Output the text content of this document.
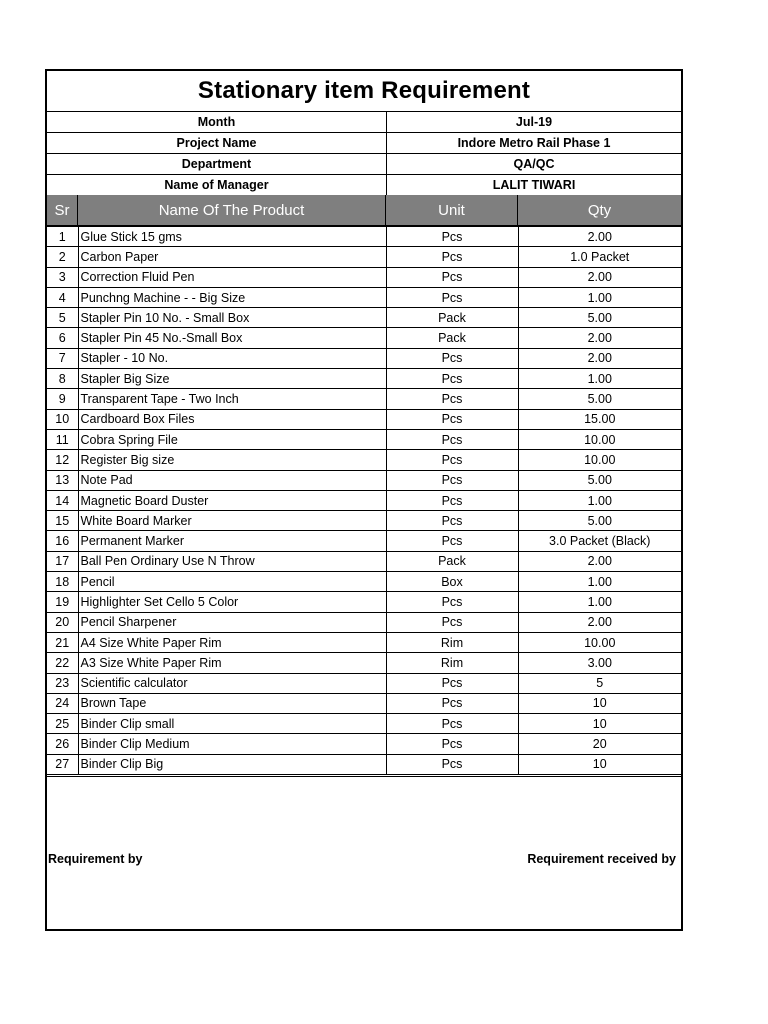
Stationary item Requirement
Month	Jul-19
Project Name	Indore Metro Rail Phase 1
Department	QA/QC
Name of Manager	LALIT TIWARI
Sr	Name Of The Product	Unit	Qty
1	Glue Stick 15 gms	Pcs	2.00
2	Carbon Paper	Pcs	1.0 Packet
3	Correction Fluid Pen	Pcs	2.00
4	Punchng Machine - - Big Size	Pcs	1.00
5	Stapler Pin 10 No. - Small Box	Pack	5.00
6	Stapler Pin 45 No.-Small Box	Pack	2.00
7	Stapler - 10 No.	Pcs	2.00
8	Stapler Big Size	Pcs	1.00
9	Transparent Tape - Two Inch	Pcs	5.00
10	Cardboard Box Files	Pcs	15.00
11	Cobra Spring File	Pcs	10.00
12	Register Big size	Pcs	10.00
13	Note Pad	Pcs	5.00
14	Magnetic Board Duster	Pcs	1.00
15	White Board Marker	Pcs	5.00
16	Permanent Marker	Pcs	3.0 Packet (Black)
17	Ball Pen Ordinary Use N Throw	Pack	2.00
18	Pencil	Box	1.00
19	Highlighter Set Cello 5 Color	Pcs	1.00
20	Pencil Sharpener	Pcs	2.00
21	A4 Size White Paper Rim	Rim	10.00
22	A3 Size White Paper Rim	Rim	3.00
23	Scientific calculator	Pcs	5
24	Brown Tape	Pcs	10
25	Binder Clip small	Pcs	10
26	Binder Clip Medium	Pcs	20
27	Binder Clip Big	Pcs	10
Requirement by	Requirement received by
